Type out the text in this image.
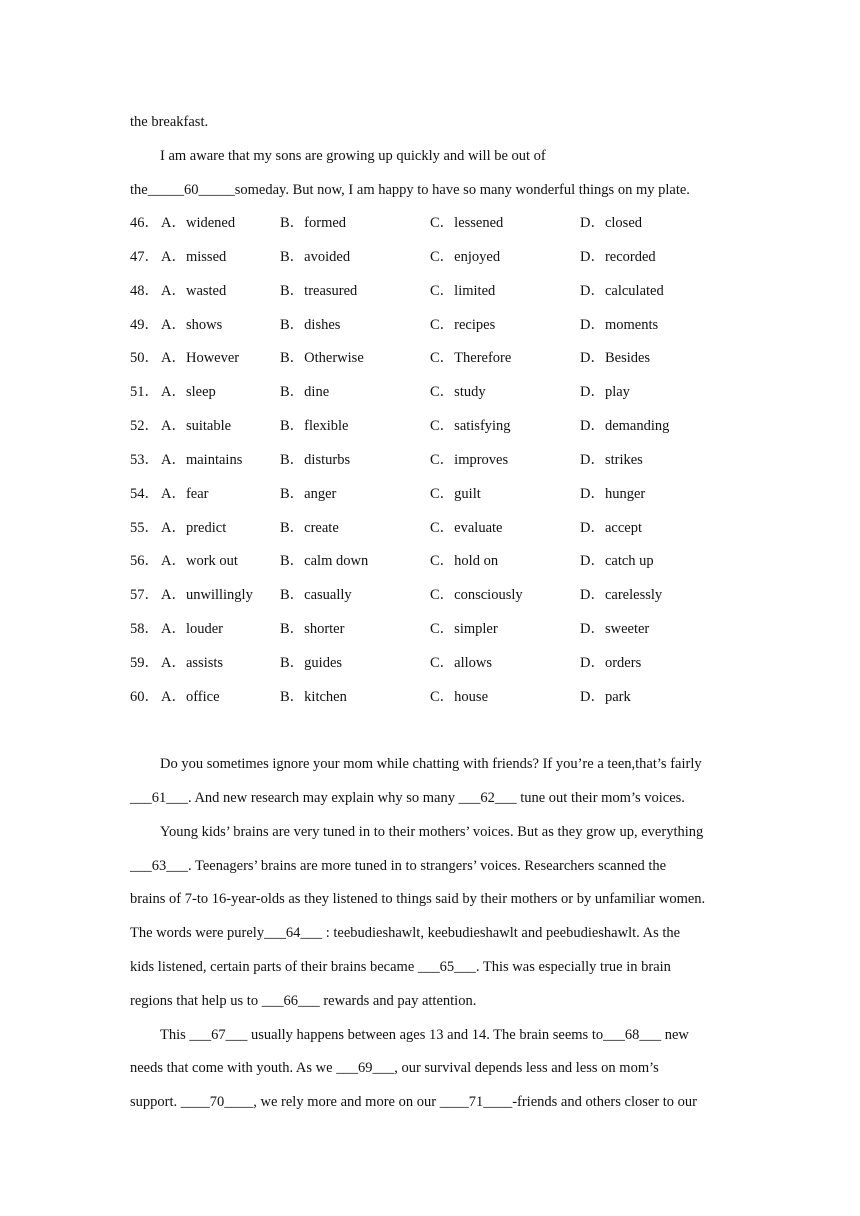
the breakfast.
I am aware that my sons are growing up quickly and will be out of
the_____60_____someday. But now, I am happy to have so many wonderful things on my plate.
46． A．widened	B．formed	C．lessened	D．closed
47． A．missed	B．avoided	C．enjoyed	D．recorded
48． A．wasted	B．treasured	C．limited	D．calculated
49． A．shows	B．dishes	C．recipes	D．moments
50． A．However	B．Otherwise	C．Therefore	D．Besides
51． A．sleep	B．dine	C．study	D．play
52． A．suitable	B．flexible	C．satisfying	D．demanding
53． A．maintains	B．disturbs	C．improves	D．strikes
54． A．fear	B．anger	C．guilt	D．hunger
55． A．predict	B．create	C．evaluate	D．accept
56． A．work out	B．calm down	C．hold on	D．catch up
57． A．unwillingly B．casually	C．consciously	D．carelessly
58． A．louder	B．shorter	C．simpler	D．sweeter
59． A．assists	B．guides	C．allows	D．orders
60． A．office	B．kitchen	C．house	D．park
Do you sometimes ignore your mom while chatting with friends? If you’re a teen,that’s fairly
___61___. And new research may explain why so many ___62___ tune out their mom’s voices.
Young kids’ brains are very tuned in to their mothers’ voices. But as they grow up, everything
___63___. Teenagers’ brains are more tuned in to strangers’ voices. Researchers scanned the
brains of 7-to 16-year-olds as they listened to things said by their mothers or by unfamiliar women.
The words were purely___64___ : teebudieshawlt, keebudieshawlt and peebudieshawlt. As the
kids listened, certain parts of their brains became ___65___. This was especially true in brain
regions that help us to ___66___ rewards and pay attention.
This ___67___ usually happens between ages 13 and 14. The brain seems to___68___ new
needs that come with youth. As we ___69___, our survival depends less and less on mom’s
support. ____70____, we rely more and more on our ____71____-friends and others closer to our
